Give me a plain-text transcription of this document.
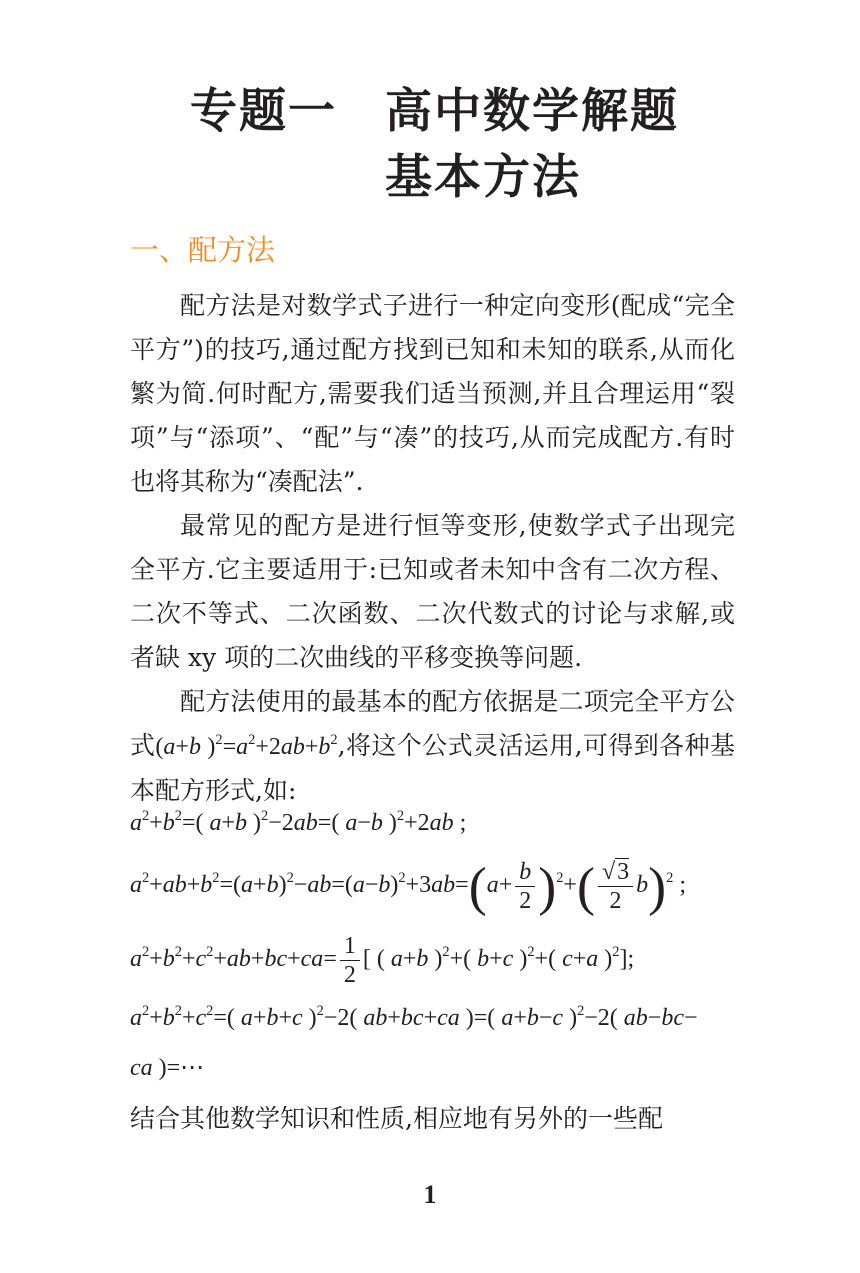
专题一	高中数学解题
基本方法
一、配方法

配方法是对数学式子进行一种定向变形(配成“完全平方”)的技巧,通过配方找到已知和未知的联系,从而化繁为简.何时配方,需要我们适当预测,并且合理运用“裂项”与“添项”、“配”与“凑”的技巧,从而完成配方.有时也将其称为“凑配法”.

最常见的配方是进行恒等变形,使数学式子出现完全平方.它主要适用于:已知或者未知中含有二次方程、二次不等式、二次函数、二次代数式的讨论与求解,或者缺 xy 项的二次曲线的平移变换等问题.

配方法使用的最基本的配方依据是二项完全平方公式(a+b )$^2=a^2+2ab+b^2$,将这个公式灵活运用,可得到各种基本配方形式,如:

$a^2+b^2=$( a+b )$^2$−2ab=( a−b )$^2$+2ab ;
$a^2+ab+b^2=(a+b)^2-ab=(a-b)^2+3ab=(a+ \frac{b}{2} )^2+( \frac{√3}{2} b)^2$ ;
$a^2+b^2+c^2+ab+bc+ca= \frac{1}{2}$ [ ( a+b )$^2$+( b+c )$^2$+( c+a )$^2$];
$a^2+b^2+c^2=$( a+b+c )$^2$−2( ab+bc+ca )=( a+b−c )$^2$−2( ab−bc−
ca )=⋯
结合其他数学知识和性质,相应地有另外的一些配
1
